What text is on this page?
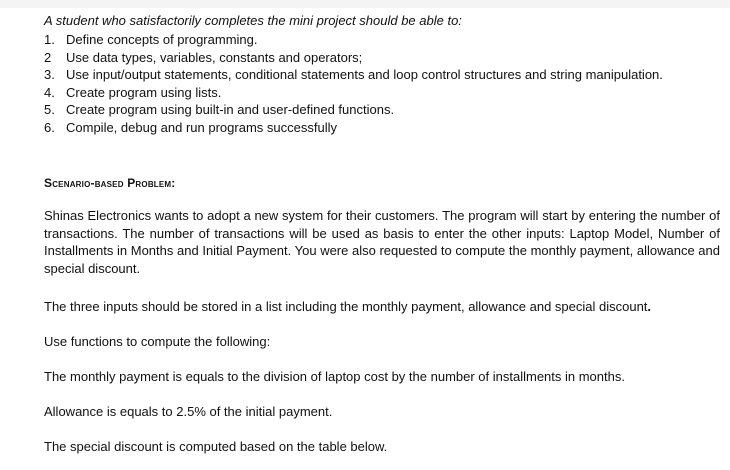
A student who satisfactorily completes the mini project should be able to:
1. Define concepts of programming.
2 Use data types, variables, constants and operators;
3. Use input/output statements, conditional statements and loop control structures and string manipulation.
4. Create program using lists.
5. Create program using built-in and user-defined functions.
6. Compile, debug and run programs successfully
Scenario-based Problem:

Shinas Electronics wants to adopt a new system for their customers. The program will start by entering the number of transactions. The number of transactions will be used as basis to enter the other inputs: Laptop Model, Number of Installments in Months and Initial Payment. You were also requested to compute the monthly payment, allowance and special discount.

The three inputs should be stored in a list including the monthly payment, allowance and special discount.

Use functions to compute the following:

The monthly payment is equals to the division of laptop cost by the number of installments in months.

Allowance is equals to 2.5% of the initial payment.

The special discount is computed based on the table below.
